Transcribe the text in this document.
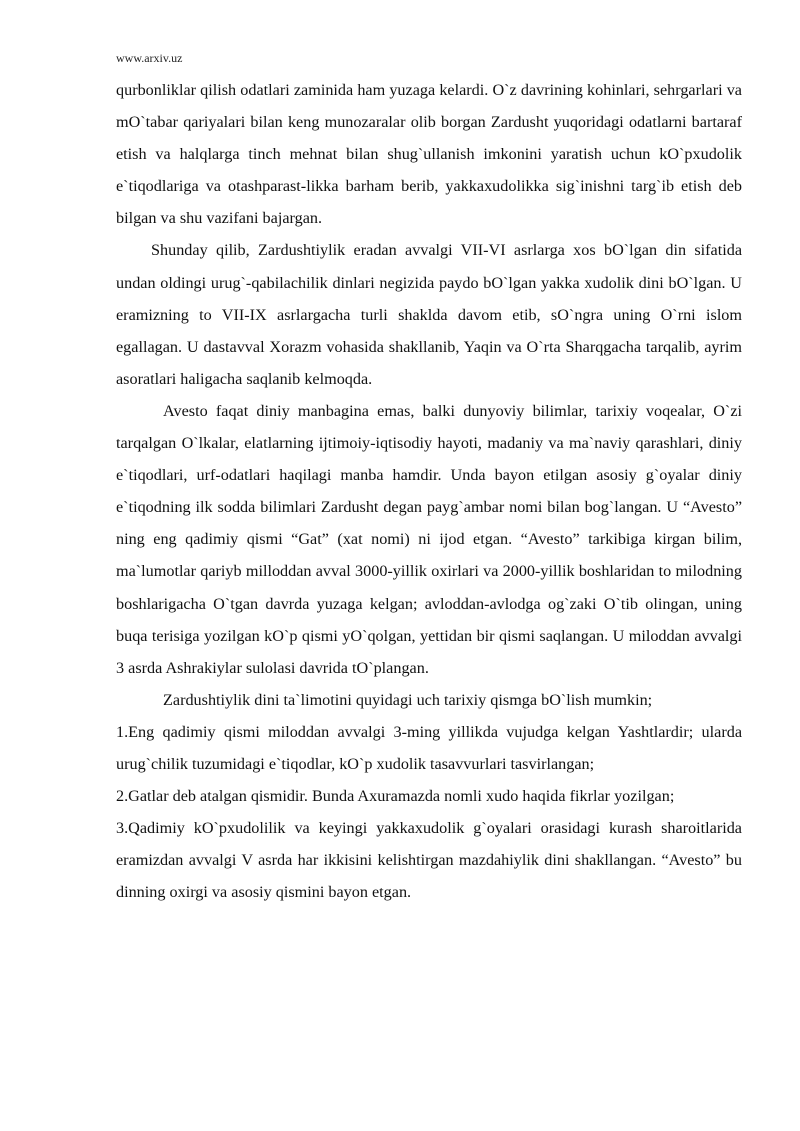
www.arxiv.uz

qurbonliklar qilish odatlari zaminida ham yuzaga kelardi. O`z davrining kohinlari, sehrgarlari va mO`tabar qariyalari bilan keng munozaralar olib borgan Zardusht yuqoridagi odatlarni bartaraf etish va halqlarga tinch mehnat bilan shug`ullanish imkonini yaratish uchun kO`pxudolik e`tiqodlariga va otashparast-likka barham berib, yakkaxudolikka sig`inishni targ`ib etish deb bilgan va shu vazifani bajargan.

Shunday qilib, Zardushtiylik eradan avvalgi VII-VI asrlarga xos bO`lgan din sifatida undan oldingi urug`-qabilachilik dinlari negizida paydo bO`lgan yakka xudolik dini bO`lgan. U eramizning to VII-IX asrlargacha turli shaklda davom etib, sO`ngra uning O`rni islom egallagan. U dastavval Xorazm vohasida shakllanib, Yaqin va O`rta Sharqgacha tarqalib, ayrim asoratlari haligacha saqlanib kelmoqda.

Avesto faqat diniy manbagina emas, balki dunyoviy bilimlar, tarixiy voqealar, O`zi tarqalgan O`lkalar, elatlarning ijtimoiy-iqtisodiy hayoti, madaniy va ma`naviy qarashlari, diniy e`tiqodlari, urf-odatlari haqilagi manba hamdir. Unda bayon etilgan asosiy g`oyalar diniy e`tiqodning ilk sodda bilimlari Zardusht degan payg`ambar nomi bilan bog`langan. U “Avesto” ning eng qadimiy qismi “Gat” (xat nomi) ni ijod etgan. “Avesto” tarkibiga kirgan bilim, ma`lumotlar qariyb milloddan avval 3000-yillik oxirlari va 2000-yillik boshlaridan to milodning boshlarigacha O`tgan davrda yuzaga kelgan; avloddan-avlodga og`zaki O`tib olingan, uning buqa terisiga yozilgan kO`p qismi yO`qolgan, yettidan bir qismi saqlangan. U miloddan avvalgi 3 asrda Ashrakiylar sulolasi davrida tO`plangan.

Zardushtiylik dini ta`limotini quyidagi uch tarixiy qismga bO`lish mumkin;

1.Eng qadimiy qismi miloddan avvalgi 3-ming yillikda vujudga kelgan Yashtlardir; ularda urug`chilik tuzumidagi e`tiqodlar, kO`p xudolik tasavvurlari tasvirlangan;

2.Gatlar deb atalgan qismidir. Bunda Axuramazda nomli xudo haqida fikrlar yozilgan;

3.Qadimiy kO`pxudolilik va keyingi yakkaxudolik g`oyalari orasidagi kurash sharoitlarida eramizdan avvalgi V asrda har ikkisini kelishtirgan mazdahiylik dini shakllangan. “Avesto” bu dinning oxirgi va asosiy qismini bayon etgan.
